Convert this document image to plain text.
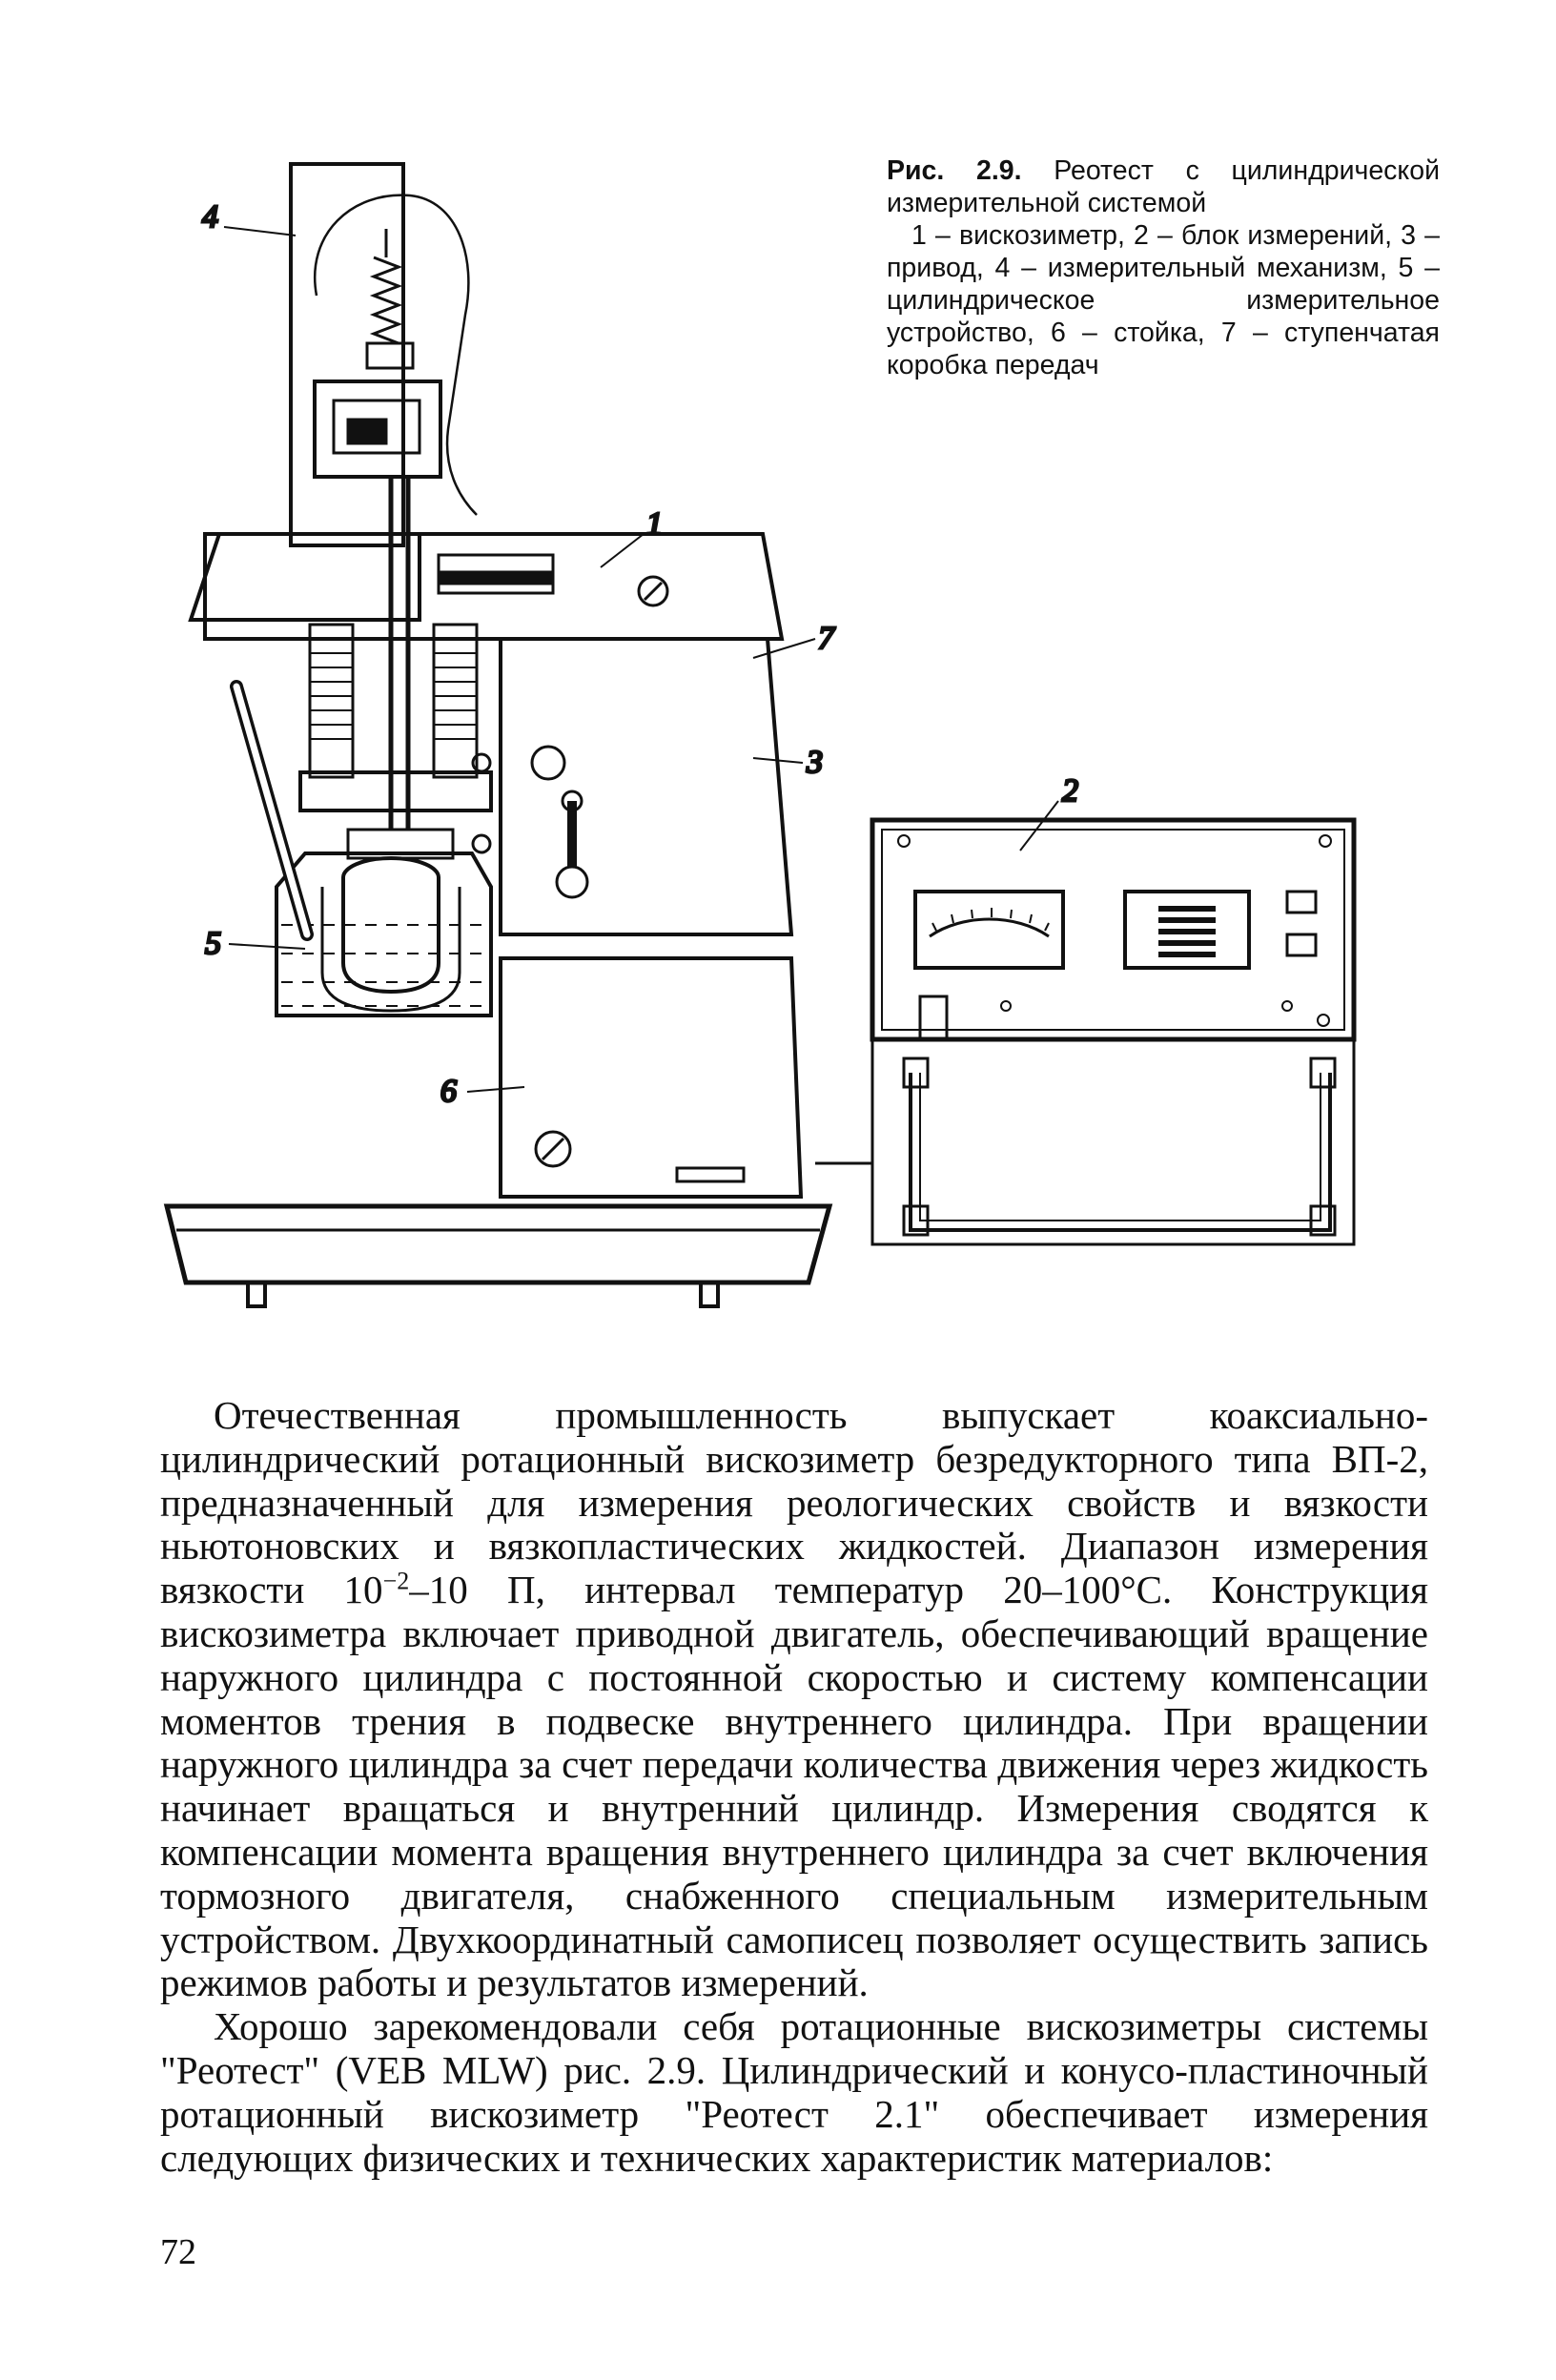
4
1
7
3
2
5
6
Рис. 2.9. Реотест с цилиндрической измерительной системой
1 – вискозиметр, 2 – блок измерений, 3 – привод, 4 – измерительный механизм, 5 – цилиндрическое измерительное устройство, 6 – стойка, 7 – ступенчатая коробка передач

Отечественная промышленность выпускает коаксиально-цилиндрический ротационный вискозиметр безредукторного типа ВП-2, предназначенный для измерения реологических свойств и вязкости ньютоновских и вязкопластических жидкостей. Диапазон измерения вязкости $10^{-2}-10$ П, интервал температур 20–100°С. Конструкция вискозиметра включает приводной двигатель, обеспечивающий вращение наружного цилиндра с постоянной скоростью и систему компенсации моментов трения в подвеске внутреннего цилиндра. При вращении наружного цилиндра за счет передачи количества движения через жидкость начинает вращаться и внутренний цилиндр. Измерения сводятся к компенсации момента вращения внутреннего цилиндра за счет включения тормозного двигателя, снабженного специальным измерительным устройством. Двухкоординатный самописец позволяет осуществить запись режимов работы и результатов измерений.

Хорошо зарекомендовали себя ротационные вискозиметры системы "Реотест" (VEB MLW) рис. 2.9. Цилиндрический и конусо-пластиночный ротационный вискозиметр "Реотест 2.1" обеспечивает измерения следующих физических и технических характеристик материалов:

72
